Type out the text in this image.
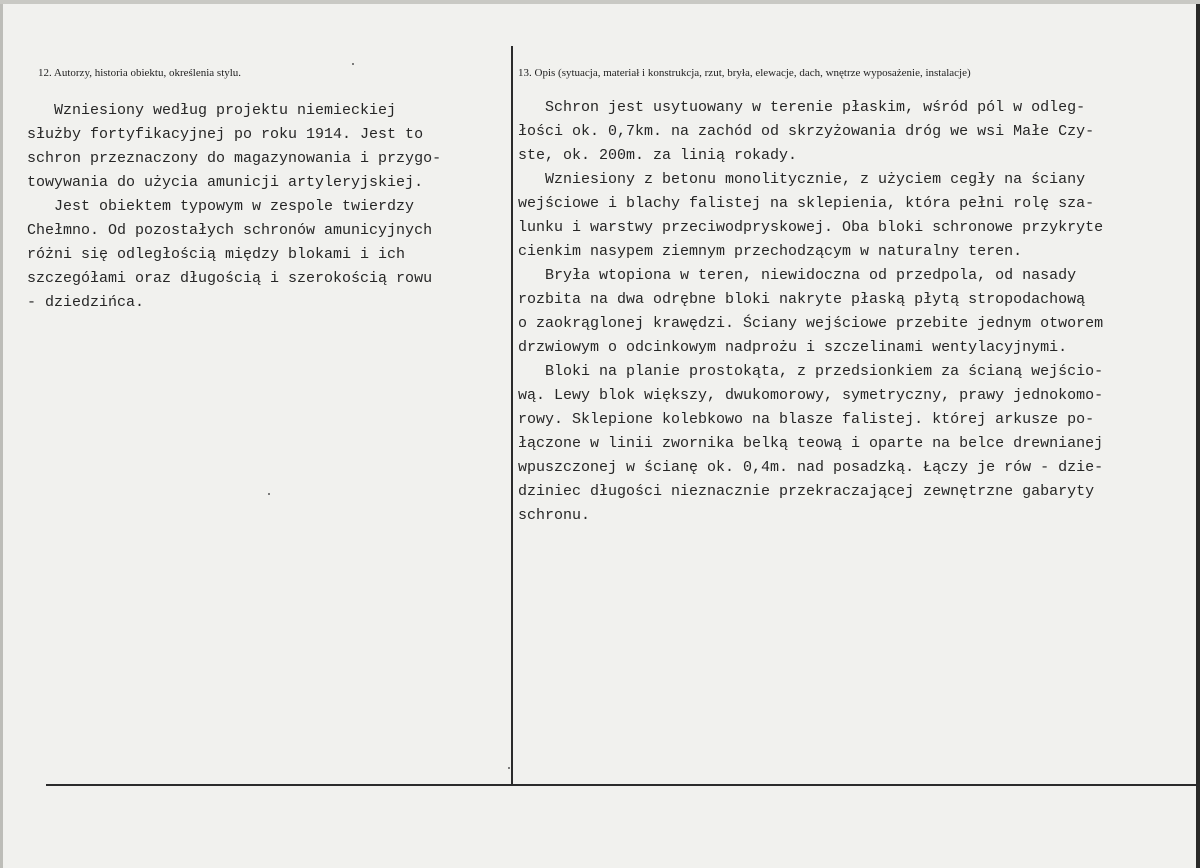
12. Autorzy, historia obiektu, określenia stylu.	13. Opis (sytuacja, materiał i konstrukcja, rzut, bryła, elewacje, dach, wnętrze wyposażenie, instalacje)
Wzniesiony według projektu niemieckiej
służby fortyfikacyjnej po roku 1914. Jest to
schron przeznaczony do magazynowania i przygo-
towywania do użycia amunicji artyleryjskiej.
Jest obiektem typowym w zespole twierdzy
Chełmno. Od pozostałych schronów amunicyjnych
różni się odległością między blokami i ich
szczegółami oraz długością i szerokością rowu
- dziedzińca.
Schron jest usytuowany w terenie płaskim, wśród pól w odleg-
łości ok. 0,7km. na zachód od skrzyżowania dróg we wsi Małe Czy-
ste, ok. 200m. za linią rokady.
Wzniesiony z betonu monolitycznie, z użyciem cegły na ściany
wejściowe i blachy falistej na sklepienia, która pełni rolę sza-
lunku i warstwy przeciwodpryskowej. Oba bloki schronowe przykryte
cienkim nasypem ziemnym przechodzącym w naturalny teren.
Bryła wtopiona w teren, niewidoczna od przedpola, od nasady
rozbita na dwa odrębne bloki nakryte płaską płytą stropodachową
o zaokrąglonej krawędzi. Ściany wejściowe przebite jednym otworem
drzwiowym o odcinkowym nadprożu i szczelinami wentylacyjnymi.
Bloki na planie prostokąta, z przedsionkiem za ścianą wejścio-
wą. Lewy blok większy, dwukomorowy, symetryczny, prawy jednokomo-
rowy. Sklepione kolebkowo na blasze falistej. której arkusze po-
łączone w linii zwornika belką teową i oparte na belce drewnianej
wpuszczonej w ścianę ok. 0,4m. nad posadzką. Łączy je rów - dzie-
dziniec długości nieznacznie przekraczającej zewnętrzne gabaryty
schronu.
